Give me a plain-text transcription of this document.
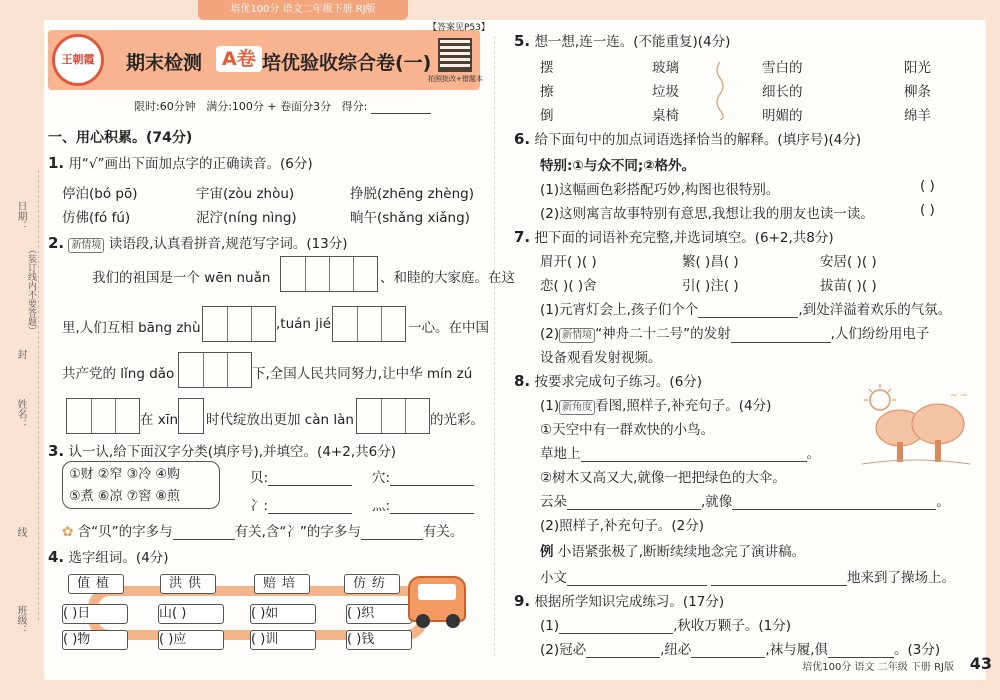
培优100分 语文二年级下册 RJ版
日期：
（装订线内不要答题）
封
姓名：
线
班级：
王朝霞	期末检测	A卷 培优验收综合卷(一)
【答案见P53】
拍照批改+错题本
限时:60分钟 满分:100分 + 卷面分3分 得分:
一、用心积累。(74分)
1. 用“√”画出下面加点字的正确读音。(6分)
停泊(bó pō)	宇宙(zòu zhòu)	挣脱(zhēng zhèng)
仿佛(fó fú)	泥泞(níng nìng)	晌午(shǎng xiǎng)
2. 新情境 读语段,认真看拼音,规范写字词。(13分)
我们的祖国是一个 wēn nuǎn	、和睦的大家庭。在这
里,人们互相 bāng zhù	,tuán jié	一心。在中国
共产党的 lǐng dǎo	下,全国人民共同努力,让中华 mín zú
在 xīn 时代绽放出更加 càn làn	的光彩。
3. 认一认,给下面汉字分类(填序号),并填空。(4+2,共6分)
①财 ②窄 ③冷 ④购
⑤煮 ⑥凉 ⑦窖 ⑧煎
贝:	穴:
冫:	灬:
✿ 含“贝”的字多与	有关,含“冫”的字多与	有关。
4. 选字组词。(4分)
值植	洪供	赔培	仿纺
( )日	山( )	( )如	( )织
( )物	( )应	( )训	( )钱
5. 想一想,连一连。(不能重复)(4分)
摆
擦
倒
玻璃
垃圾
桌椅
雪白的
细长的
明媚的
阳光
柳条
绵羊
6. 给下面句中的加点词语选择恰当的解释。(填序号)(4分)
特别:①与众不同;②格外。
(1)这幅画色彩搭配巧妙,构图也很特别。	( )
(2)这则寓言故事特别有意思,我想让我的朋友也读一读。	( )
7. 把下面的词语补充完整,并选词填空。(6+2,共8分)
眉开( )( )	繁( )昌( )	安居( )( )
恋( )( )舍	引( )注( )	拔苗( )( )
(1)元宵灯会上,孩子们个个	,到处洋溢着欢乐的气氛。
(2) 新情境 “神舟二十二号”的发射	,人们纷纷用电子
设备观看发射视频。
8. 按要求完成句子练习。(6分)
(1) 新角度 看图,照样子,补充句子。(4分)
①天空中有一群欢快的小鸟。
草地上	。
②树木又高又大,就像一把把绿色的大伞。
云朵	,就像	。
(2)照样子,补充句子。(2分)
例 小语紧张极了,断断续续地念完了演讲稿。
小文	地来到了操场上。
~ ~
9. 根据所学知识完成练习。(17分)
(1)	,秋收万颗子。(1分)
(2)冠必	,纽必	,袜与履,俱	。(3分)
培优100分 语文 二年级 下册 RJ版 43
